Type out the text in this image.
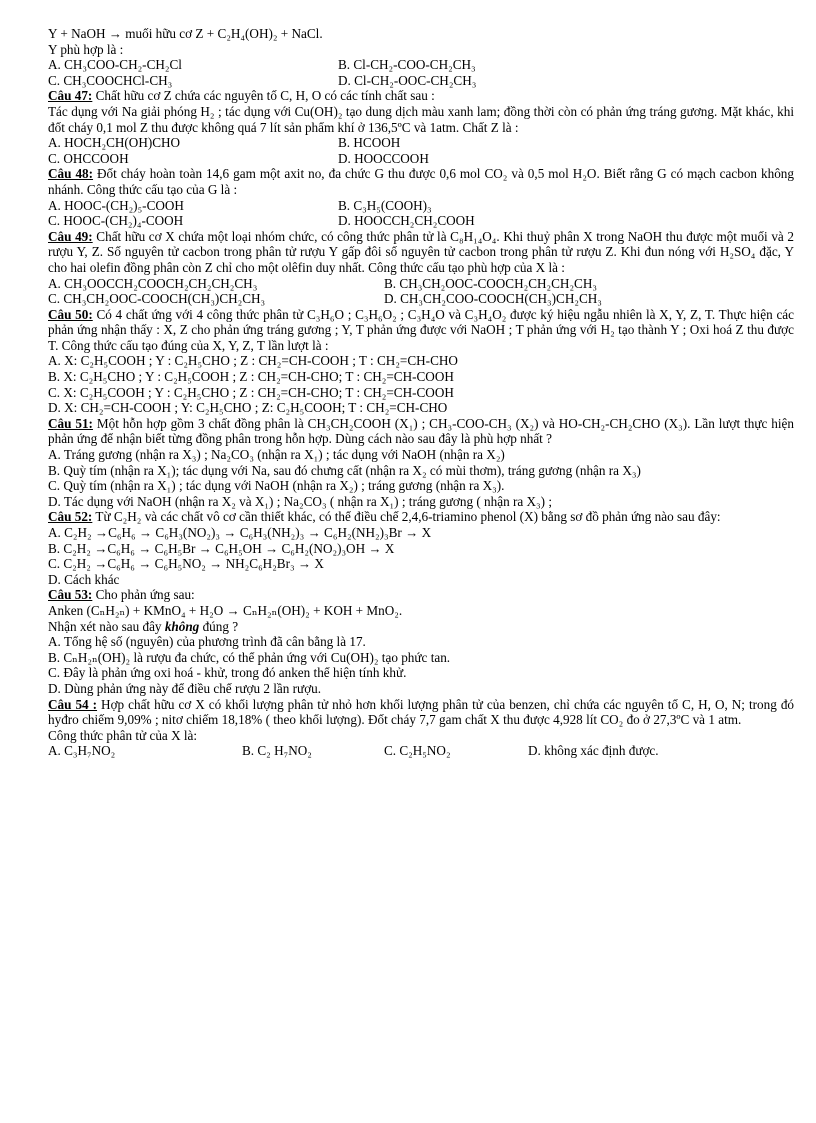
Y + NaOH → muối hữu cơ Z + C₂H₄(OH)₂ + NaCl.
Y phù hợp là :
A. CH₃COO-CH₂-CH₂Cl	B. Cl-CH₂-COO-CH₂CH₃
C. CH₃COOCHCl-CH₃	D. Cl-CH₂-OOC-CH₂CH₃
Câu 47: Chất hữu cơ Z chứa các nguyên tố C, H, O có các tính chất sau :
Tác dụng với Na giải phóng H₂ ; tác dụng với Cu(OH)₂ tạo dung dịch màu xanh lam; đồng thời còn có phản ứng tráng gương. Mặt khác, khi đốt cháy 0,1 mol Z thu được không quá 7 lít sản phẩm khí ở 136,5ºC và 1atm. Chất Z là :
A. HOCH₂CH(OH)CHO	B. HCOOH
C. OHCCOOH	D. HOOCCOOH
Câu 48: Đốt cháy hoàn toàn 14,6 gam một axit no, đa chức G thu được 0,6 mol CO₂ và 0,5 mol H₂O. Biết rằng G có mạch cacbon không nhánh. Công thức cấu tạo của G là :
A. HOOC-(CH₂)₅-COOH	B. C₃H₅(COOH)₃
C. HOOC-(CH₂)₄-COOH	D. HOOCCH₂CH₂COOH
Câu 49: Chất hữu cơ X chứa một loại nhóm chức, có công thức phân tử là C₈H₁₄O₄. Khi thuỷ phân X trong NaOH thu được một muối và 2 rượu Y, Z. Số nguyên tử cacbon trong phân tử rượu Y gấp đôi số nguyên tử cacbon trong phân tử rượu Z. Khi đun nóng với H₂SO₄ đặc, Y cho hai olefin đồng phân còn Z chỉ cho một olêfin duy nhất. Công thức cấu tạo phù hợp của X là :
A. CH₃OOCCH₂COOCH₂CH₂CH₂CH₃	B. CH₃CH₂OOC-COOCH₂CH₂CH₂CH₃
C. CH₃CH₂OOC-COOCH(CH₃)CH₂CH₃	D. CH₃CH₂COO-COOCH(CH₃)CH₂CH₃
Câu 50: Có 4 chất ứng với 4 công thức phân tử C₃H₆O ; C₃H₆O₂ ; C₃H₄O và C₃H₄O₂ được ký hiệu ngẫu nhiên là X, Y, Z, T. Thực hiện các phản ứng nhận thấy : X, Z cho phản ứng tráng gương ; Y, T phản ứng được với NaOH ; T phản ứng với H₂ tạo thành Y ; Oxi hoá Z thu được T. Công thức cấu tạo đúng của X, Y, Z, T lần lượt là :
A. X: C₂H₅COOH ; Y : C₂H₅CHO ; Z : CH₂=CH-COOH ; T : CH₂=CH-CHO
B. X: C₂H₅CHO ; Y : C₂H₅COOH ; Z : CH₂=CH-CHO; T : CH₂=CH-COOH
C. X: C₂H₅COOH ; Y : C₂H₅CHO ; Z : CH₂=CH-CHO; T : CH₂=CH-COOH
D. X: CH₂=CH-COOH ; Y: C₂H₅CHO ; Z: C₂H₅COOH; T : CH₂=CH-CHO
Câu 51: Một hỗn hợp gồm 3 chất đồng phân là CH₃CH₂COOH (X₁) ; CH₃-COO-CH₃ (X₂) và HO-CH₂-CH₂CHO (X₃). Lần lượt thực hiện phản ứng để nhận biết từng đồng phân trong hỗn hợp. Dùng cách nào sau đây là phù hợp nhất ?
A. Tráng gương (nhận ra X₃) ; Na₂CO₃ (nhận ra X₁) ; tác dụng với NaOH (nhận ra X₂)
B. Quỳ tím (nhận ra X₁); tác dụng với Na, sau đó chưng cất (nhận ra X₂ có mùi thơm), tráng gương (nhận ra X₃)
C. Quỳ tím (nhận ra X₁) ; tác dụng với NaOH (nhận ra X₂) ; tráng gương (nhận ra X₃).
D. Tác dụng với NaOH (nhận ra X₂ và X₁) ; Na₂CO₃ ( nhận ra X₁) ; tráng gương ( nhận ra X₃) ;
Câu 52: Từ C₂H₂ và các chất vô cơ cần thiết khác, có thể điều chế 2,4,6-triamino phenol (X) bằng sơ đồ phản ứng nào sau đây:
A. C₂H₂ →C₆H₆ → C₆H₃(NO₂)₃ → C₆H₃(NH₂)₃ → C₆H₂(NH₂)₃Br → X
B. C₂H₂ →C₆H₆ → C₆H₅Br → C₆H₅OH → C₆H₂(NO₂)₃OH → X
C. C₂H₂ →C₆H₆ → C₆H₅NO₂ → NH₂C₆H₂Br₃ → X
D. Cách khác
Câu 53: Cho phản ứng sau:
Anken (CₙH₂ₙ) + KMnO₄ + H₂O → CₙH₂ₙ(OH)₂ + KOH + MnO₂.
Nhận xét nào sau đây không đúng ?
A. Tổng hệ số (nguyên) của phương trình đã cân bằng là 17.
B. CₙH₂ₙ(OH)₂ là rượu đa chức, có thể phản ứng với Cu(OH)₂ tạo phức tan.
C. Đây là phản ứng oxi hoá - khử, trong đó anken thể hiện tính khử.
D. Dùng phản ứng này để điều chế rượu 2 lần rượu.
Câu 54 : Hợp chất hữu cơ X có khối lượng phân tử nhỏ hơn khối lượng phân tử của benzen, chỉ chứa các nguyên tố C, H, O, N; trong đó hyđro chiếm 9,09% ; nitơ chiếm 18,18% ( theo khối lượng). Đốt cháy 7,7 gam chất X thu được 4,928 lít CO₂ đo ở 27,3ºC và 1 atm.
Công thức phân tử của X là:
A. C₃H₇NO₂	B. C₂ H₇NO₂	C. C₂H₅NO₂	D. không xác định được.
